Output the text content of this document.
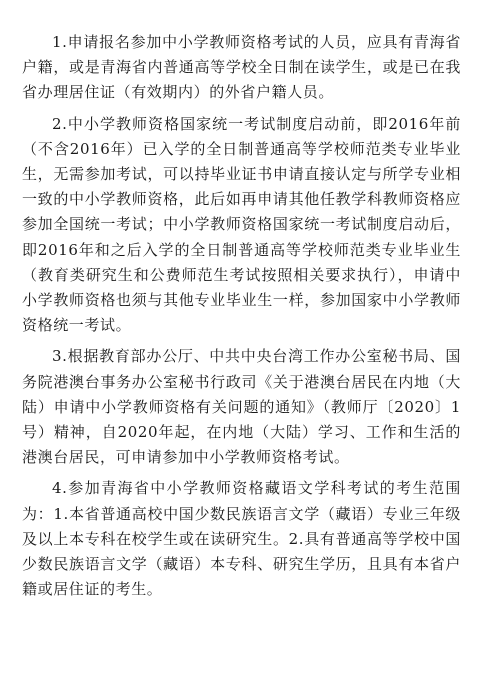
1.申请报名参加中小学教师资格考试的人员，应具有青海省户籍，或是青海省内普通高等学校全日制在读学生，或是已在我省办理居住证（有效期内）的外省户籍人员。

2.中小学教师资格国家统一考试制度启动前，即2016年前（不含2016年）已入学的全日制普通高等学校师范类专业毕业生，无需参加考试，可以持毕业证书申请直接认定与所学专业相一致的中小学教师资格，此后如再申请其他任教学科教师资格应参加全国统一考试；中小学教师资格国家统一考试制度启动后，即2016年和之后入学的全日制普通高等学校师范类专业毕业生（教育类研究生和公费师范生考试按照相关要求执行），申请中小学教师资格也须与其他专业毕业生一样，参加国家中小学教师资格统一考试。

3.根据教育部办公厅、中共中央台湾工作办公室秘书局、国务院港澳台事务办公室秘书行政司《关于港澳台居民在内地（大陆）申请中小学教师资格有关问题的通知》（教师厅〔2020〕1号）精神，自2020年起，在内地（大陆）学习、工作和生活的港澳台居民，可申请参加中小学教师资格考试。

4.参加青海省中小学教师资格藏语文学科考试的考生范围为：1.本省普通高校中国少数民族语言文学（藏语）专业三年级及以上本专科在校学生或在读研究生。2.具有普通高等学校中国少数民族语言文学（藏语）本专科、研究生学历，且具有本省户籍或居住证的考生。
